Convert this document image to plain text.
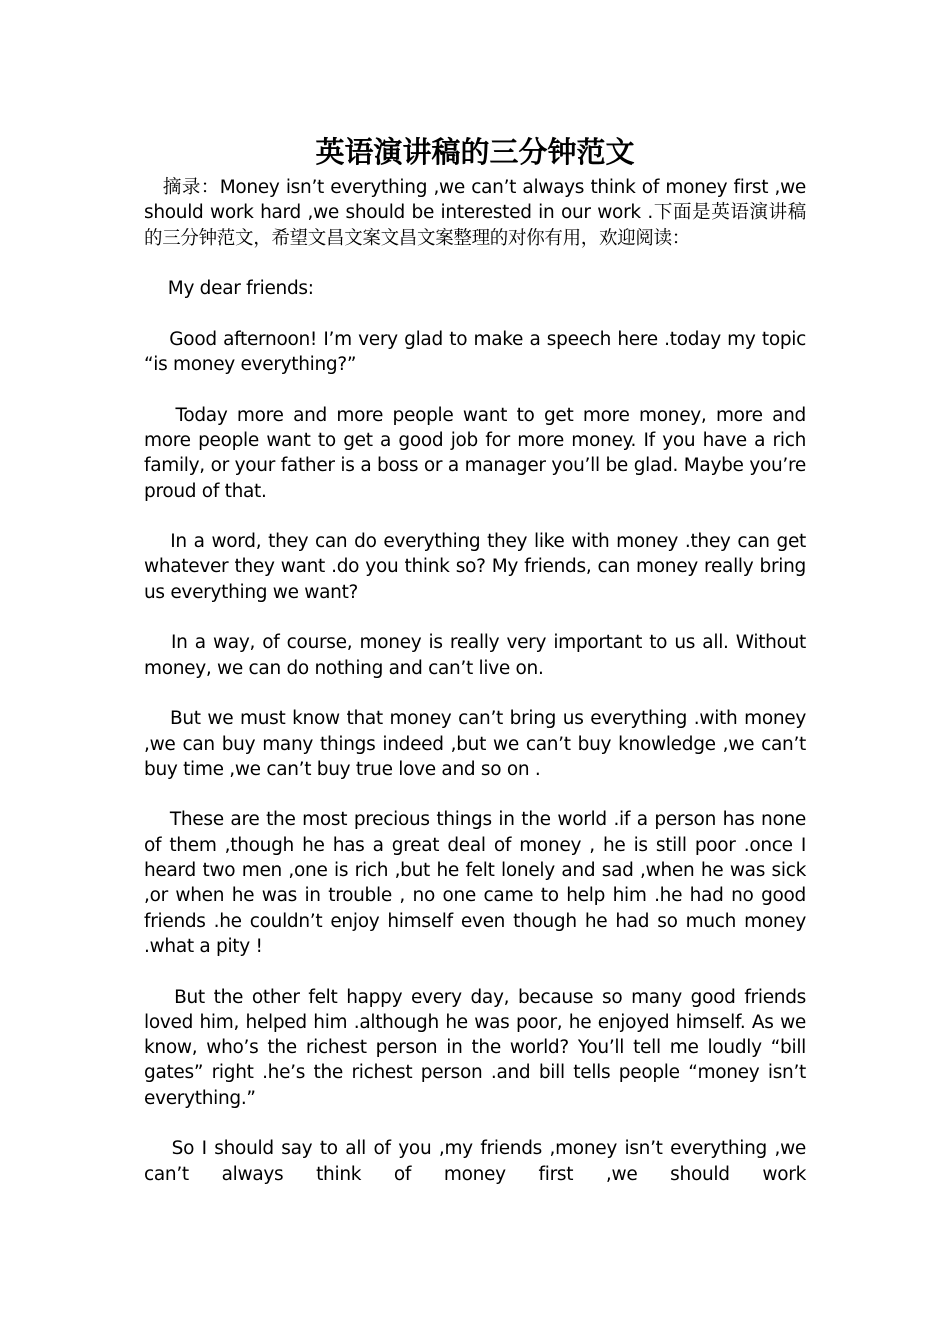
英语演讲稿的三分钟范文

　摘录：Money isn’t everything ,we can’t always think of money first ,we should work hard ,we should be interested in our work .下面是英语演讲稿的三分钟范文，希望文昌文案文昌文案整理的对你有用，欢迎阅读：

　 My dear friends:

　 Good afternoon! I’m very glad to make a speech here .today my topic “is money everything?”

　 Today more and more people want to get more money, more and more people want to get a good job for more money. If you have a rich family, or your father is a boss or a manager you’ll be glad. Maybe you’re proud of that.

　 In a word, they can do everything they like with money .they can get whatever they want .do you think so? My friends, can money really bring us everything we want?

　 In a way, of course, money is really very important to us all. Without money, we can do nothing and can’t live on.

　 But we must know that money can’t bring us everything .with money ,we can buy many things indeed ,but we can’t buy knowledge ,we can’t buy time ,we can’t buy true love and so on .

　 These are the most precious things in the world .if a person has none of them ,though he has a great deal of money , he is still poor .once I heard two men ,one is rich ,but he felt lonely and sad ,when he was sick ,or when he was in trouble , no one came to help him .he had no good friends .he couldn’t enjoy himself even though he had so much money .what a pity !

　 But the other felt happy every day, because so many good friends loved him, helped him .although he was poor, he enjoyed himself. As we know, who’s the richest person in the world? You’ll tell me loudly “bill gates” right .he’s the richest person .and bill tells people “money isn’t everything.”

　 So I should say to all of you ,my friends ,money isn’t everything ,we can’t always think of money first ,we should work
